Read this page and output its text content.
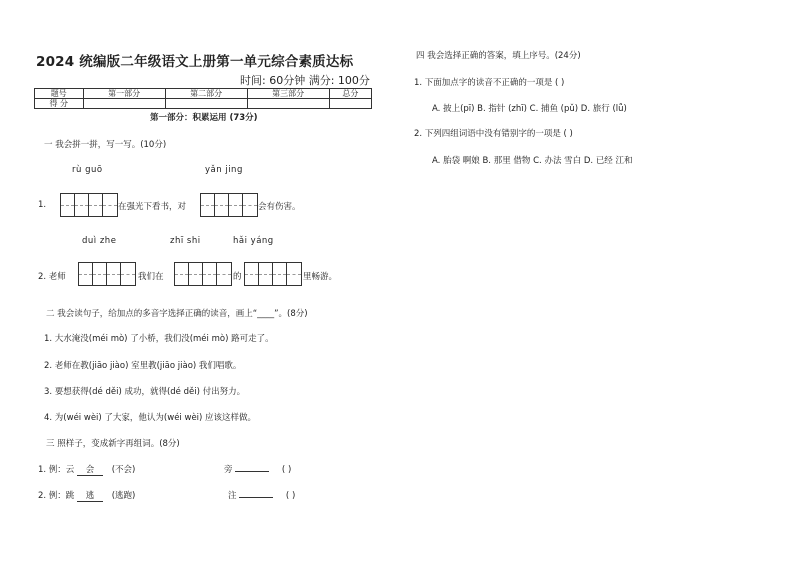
2024 统编版二年级语文上册第一单元综合素质达标
时间: 60分钟 满分: 100分
题号	第一部分	第二部分	第三部分	总分
得 分				
第一部分：积累运用 (73分)
一 我会拼一拼，写一写。(10分)
rù guō	yǎn jing
1.	在强光下看书，对	会有伤害。
duì zhe	zhī shi	hǎi yáng
2. 老师	我们在	的	里畅游。
二 我会读句子，给加点的多音字选择正确的读音，画上“____”。(8分)
1. 大水淹没(méi mò) 了小桥，我们没(méi mò) 路可走了。
2. 老师在教(jiāo jiào) 室里教(jiāo jiào) 我们唱歌。
3. 要想获得(dé děi) 成功，就得(dé děi) 付出努力。
4. 为(wéi wèi) 了大家，他认为(wéi wèi) 应该这样做。
三 照样子，变成新字再组词。(8分)
1. 例：云 会 (不会)	旁	( )
2. 例：跳 逃 (逃跑)	注	( )
四 我会选择正确的答案，填上序号。(24分)
1. 下面加点字的读音不正确的一项是 ( )
A. 披上(pī) B. 指针 (zhī) C. 捕鱼 (pǔ) D. 旅行 (lǚ)
2. 下列四组词语中没有错别字的一项是 ( )
A. 胎袋 啊娘 B. 那里 借物 C. 办法 雪白 D. 已经 江和
